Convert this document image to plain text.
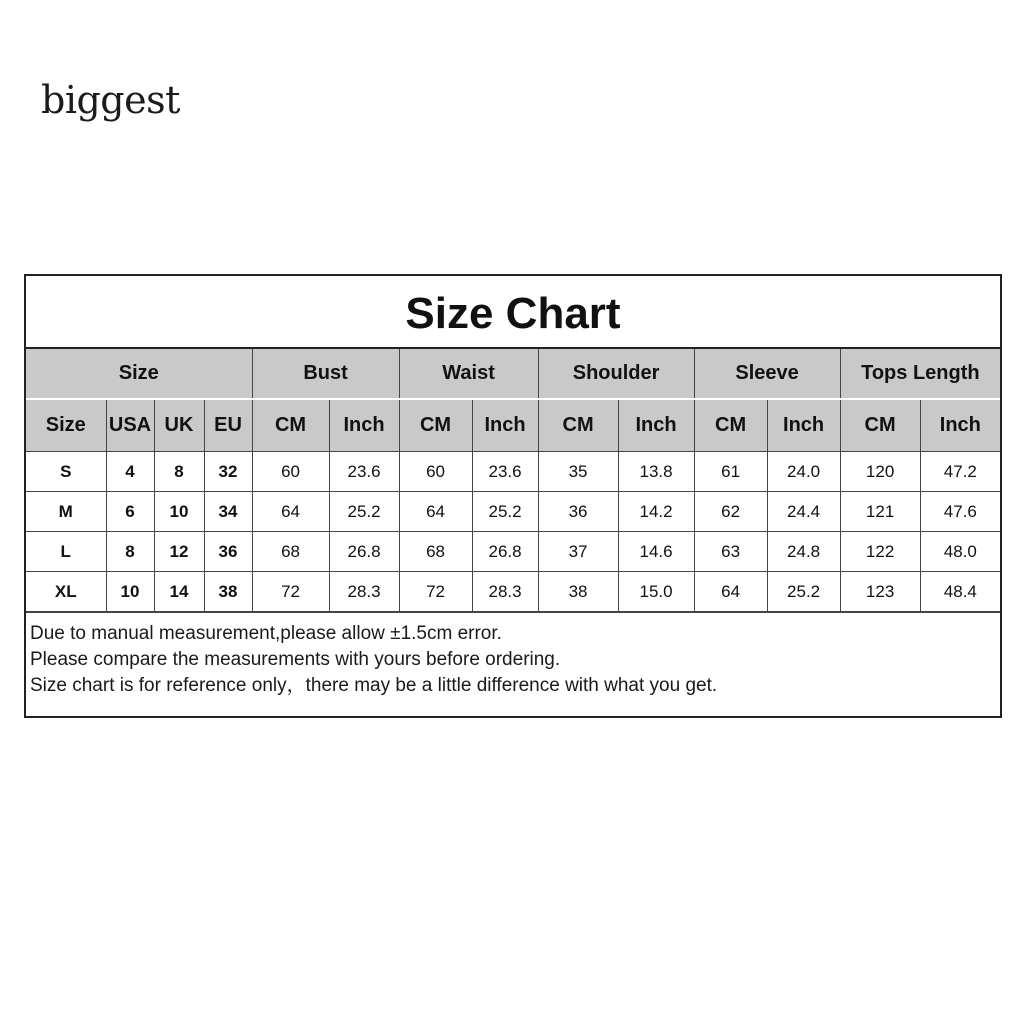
biggest
Size Chart
Size				Bust		Waist		Shoulder		Sleeve		Tops Length	
Size	USA	UK	EU	CM	Inch	CM	Inch	CM	Inch	CM	Inch	CM	Inch
S	4	8	32	60	23.6	60	23.6	35	13.8	61	24.0	120	47.2
M	6	10	34	64	25.2	64	25.2	36	14.2	62	24.4	121	47.6
L	8	12	36	68	26.8	68	26.8	37	14.6	63	24.8	122	48.0
XL	10	14	38	72	28.3	72	28.3	38	15.0	64	25.2	123	48.4
Due to manual measurement,please allow ±1.5cm error.
Please compare the measurements with yours before ordering.
Size chart is for reference only，there may be a little difference with what you get.
